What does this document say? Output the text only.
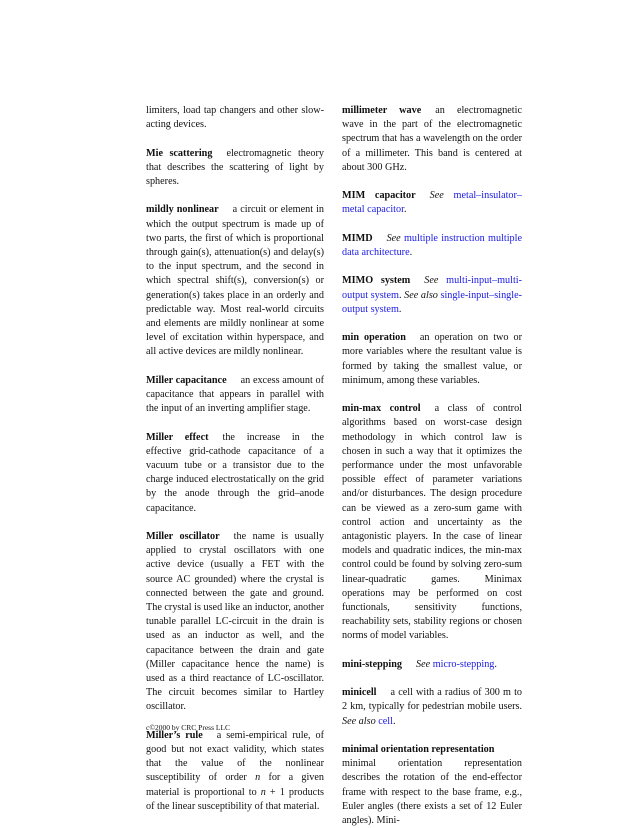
limiters, load tap changers and other slow-acting devices.

Mie scattering electromagnetic theory that describes the scattering of light by spheres.

mildly nonlinear a circuit or element in which the output spectrum is made up of two parts, the first of which is proportional through gain(s), attenuation(s) and delay(s) to the input spectrum, and the second in which spectral shift(s), conversion(s) or generation(s) takes place in an orderly and predictable way. Most real-world circuits and elements are mildly nonlinear at some level of excitation within hyperspace, and all active devices are mildly nonlinear.

Miller capacitance an excess amount of capacitance that appears in parallel with the input of an inverting amplifier stage.

Miller effect the increase in the effective grid-cathode capacitance of a vacuum tube or a transistor due to the charge induced electrostatically on the grid by the anode through the grid–anode capacitance.

Miller oscillator the name is usually applied to crystal oscillators with one active device (usually a FET with the source AC grounded) where the crystal is connected between the gate and ground. The crystal is used like an inductor, another tunable parallel LC-circuit in the drain is used as an inductor as well, and the capacitance between the drain and gate (Miller capacitance hence the name) is used as a third reactance of LC-oscillator. The circuit becomes similar to Hartley oscillator.

Miller’s rule a semi-empirical rule, of good but not exact validity, which states that the value of the nonlinear susceptibility of order n for a given material is proportional to n + 1 products of the linear susceptibility of that material.

millimeter wave an electromagnetic wave in the part of the electromagnetic spectrum that has a wavelength on the order of a millimeter. This band is centered at about 300 GHz.

MIM capacitor See metal–insulator–metal capacitor.

MIMD See multiple instruction multiple data architecture.

MIMO system See multi-input–multi-output system. See also single-input–single-output system.

min operation an operation on two or more variables where the resultant value is formed by taking the smallest value, or minimum, among these variables.

min-max control a class of control algorithms based on worst-case design methodology in which control law is chosen in such a way that it optimizes the performance under the most unfavorable possible effect of parameter variations and/or disturbances. The design procedure can be viewed as a zero-sum game with control action and uncertainty as the antagonistic players. In the case of linear models and quadratic indices, the min-max control could be found by solving zero-sum linear-quadratic games. Minimax operations may be performed on cost functionals, sensitivity functions, reachability sets, stability regions or chosen norms of model variables.

mini-stepping See micro-stepping.

minicell a cell with a radius of 300 m to 2 km, typically for pedestrian mobile users. See also cell.

minimal orientation representation
minimal orientation representation describes the rotation of the end-effector frame with respect to the base frame, e.g., Euler angles (there exists a set of 12 Euler angles). Mini-

c©2000 by CRC Press LLC
